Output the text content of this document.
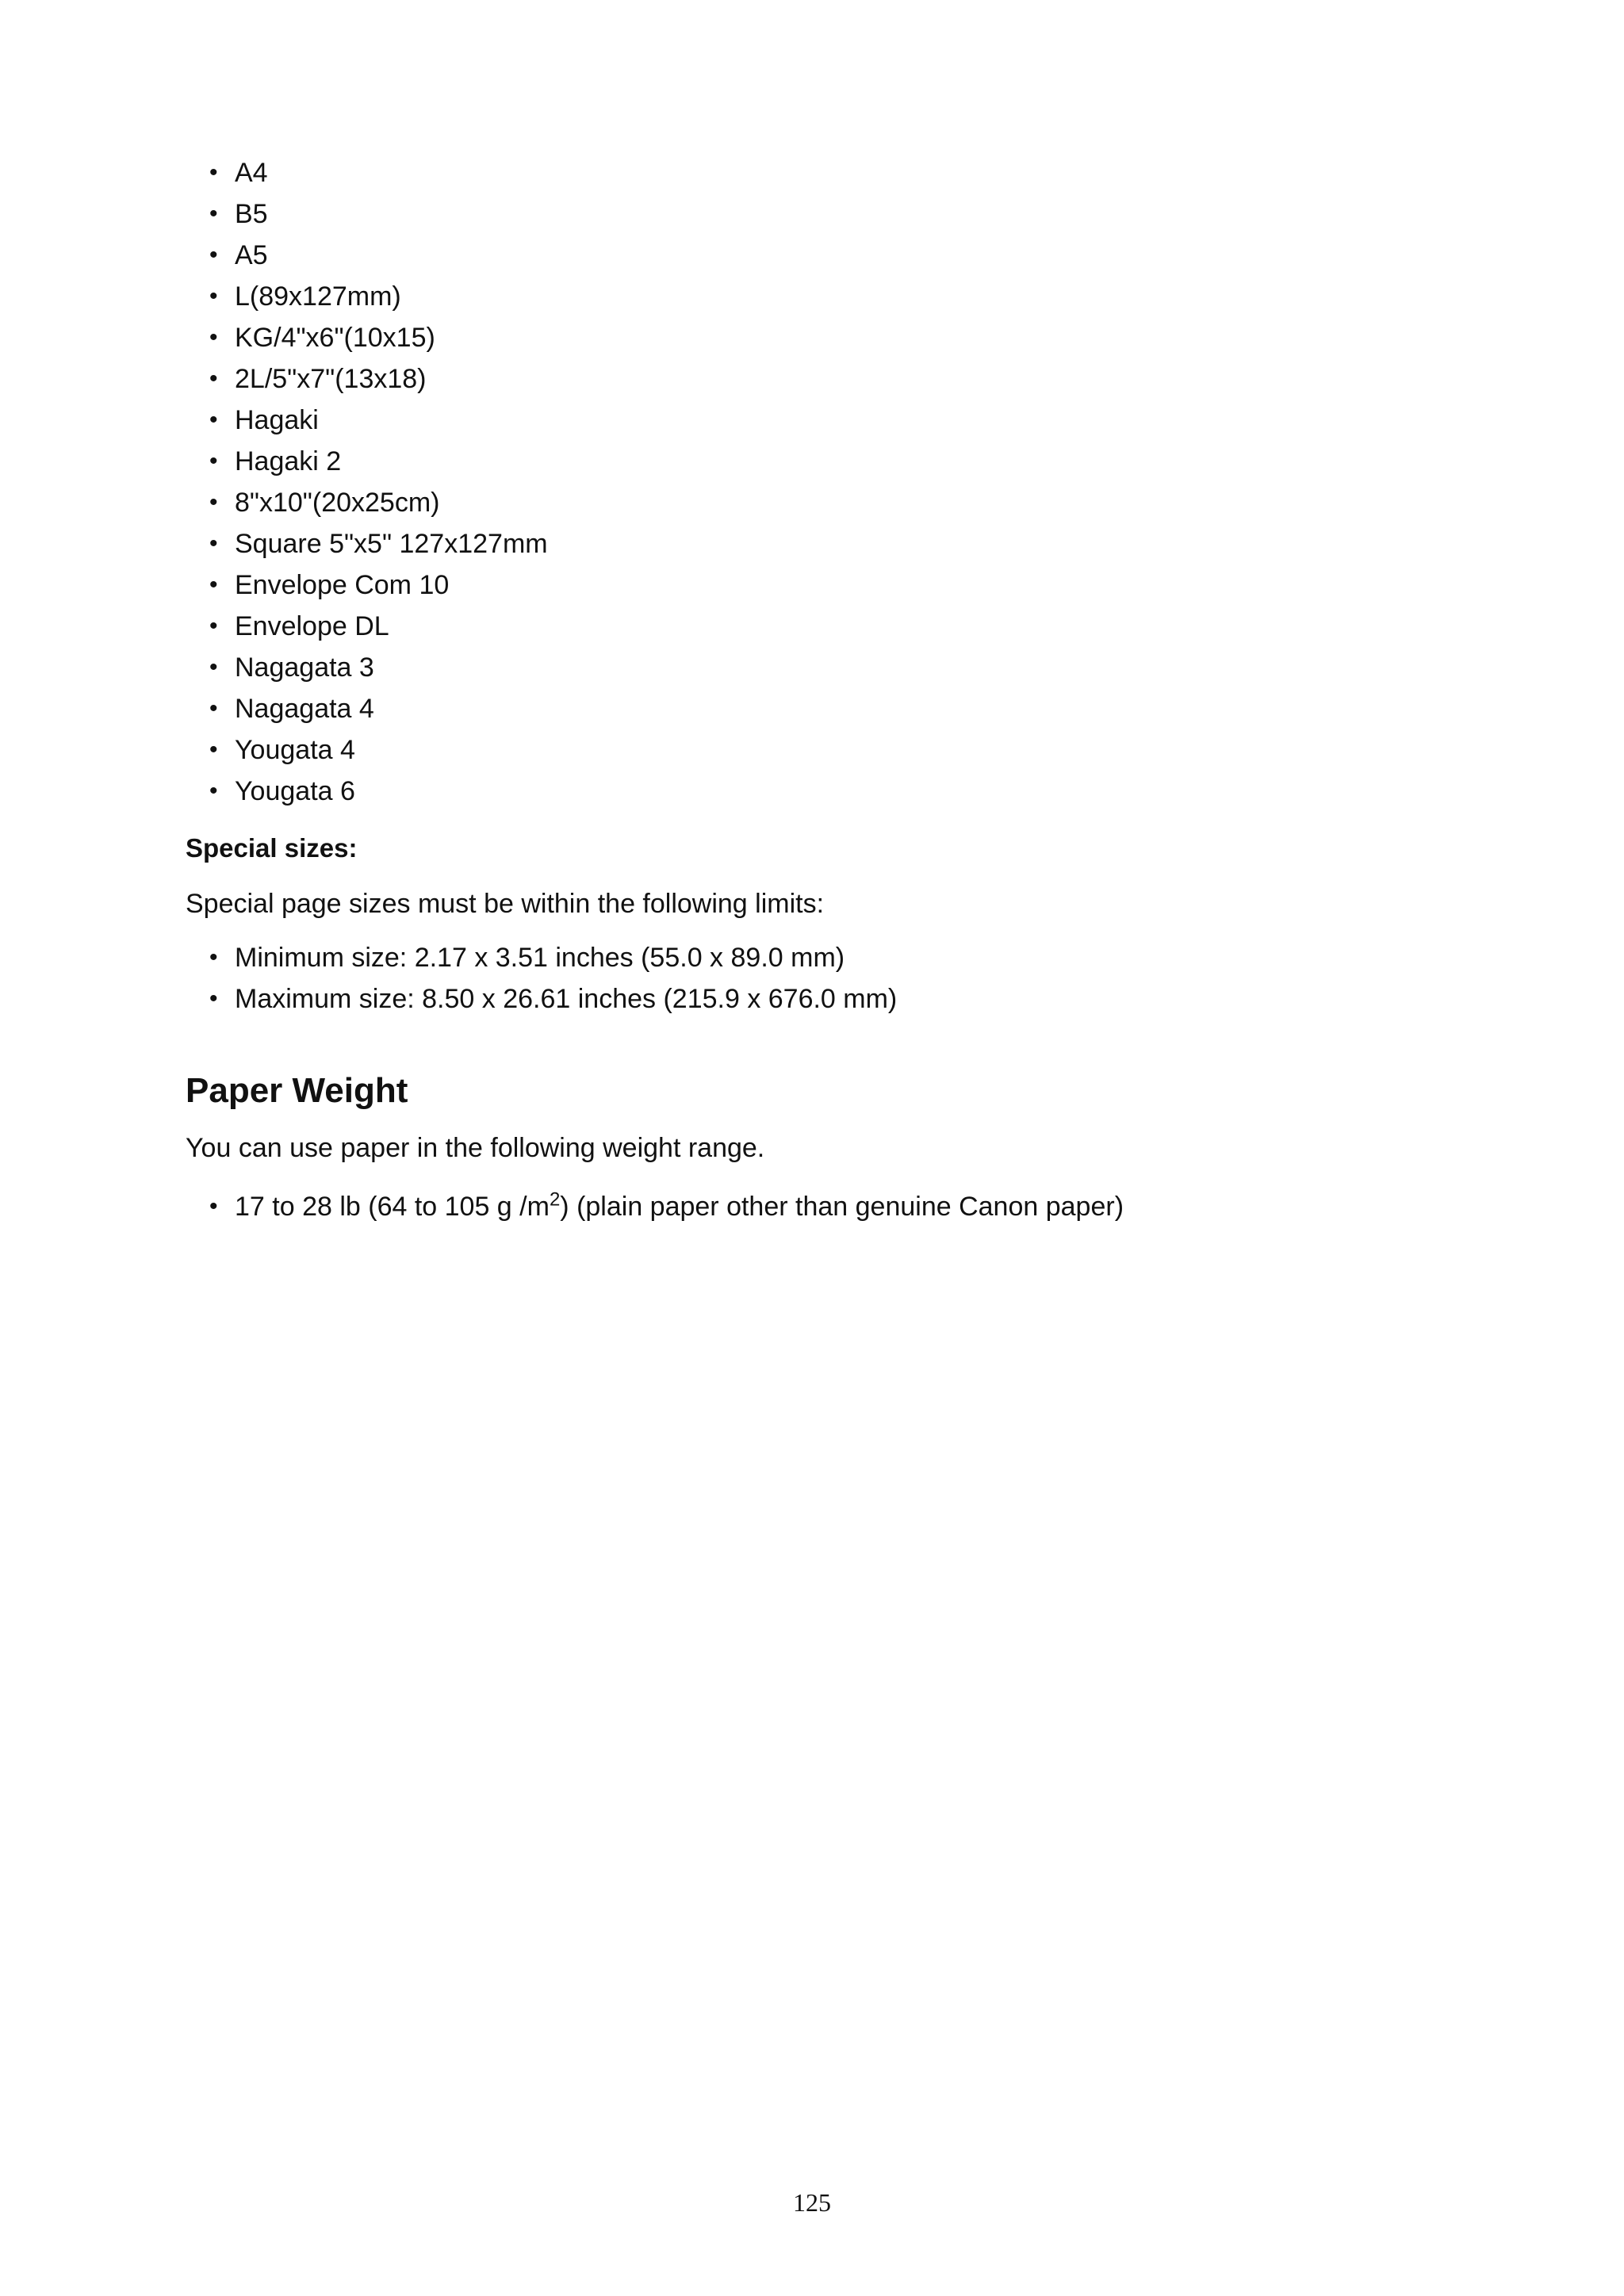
• A4
• B5
• A5
• L(89x127mm)
• KG/4"x6"(10x15)
• 2L/5"x7"(13x18)
• Hagaki
• Hagaki 2
• 8"x10"(20x25cm)
• Square 5"x5" 127x127mm
• Envelope Com 10
• Envelope DL
• Nagagata 3
• Nagagata 4
• Yougata 4
• Yougata 6
Special sizes:
Special page sizes must be within the following limits:
• Minimum size: 2.17 x 3.51 inches (55.0 x 89.0 mm)
• Maximum size: 8.50 x 26.61 inches (215.9 x 676.0 mm)
Paper Weight
You can use paper in the following weight range.
• 17 to 28 lb (64 to 105 g $/m^2$) (plain paper other than genuine Canon paper)
125
